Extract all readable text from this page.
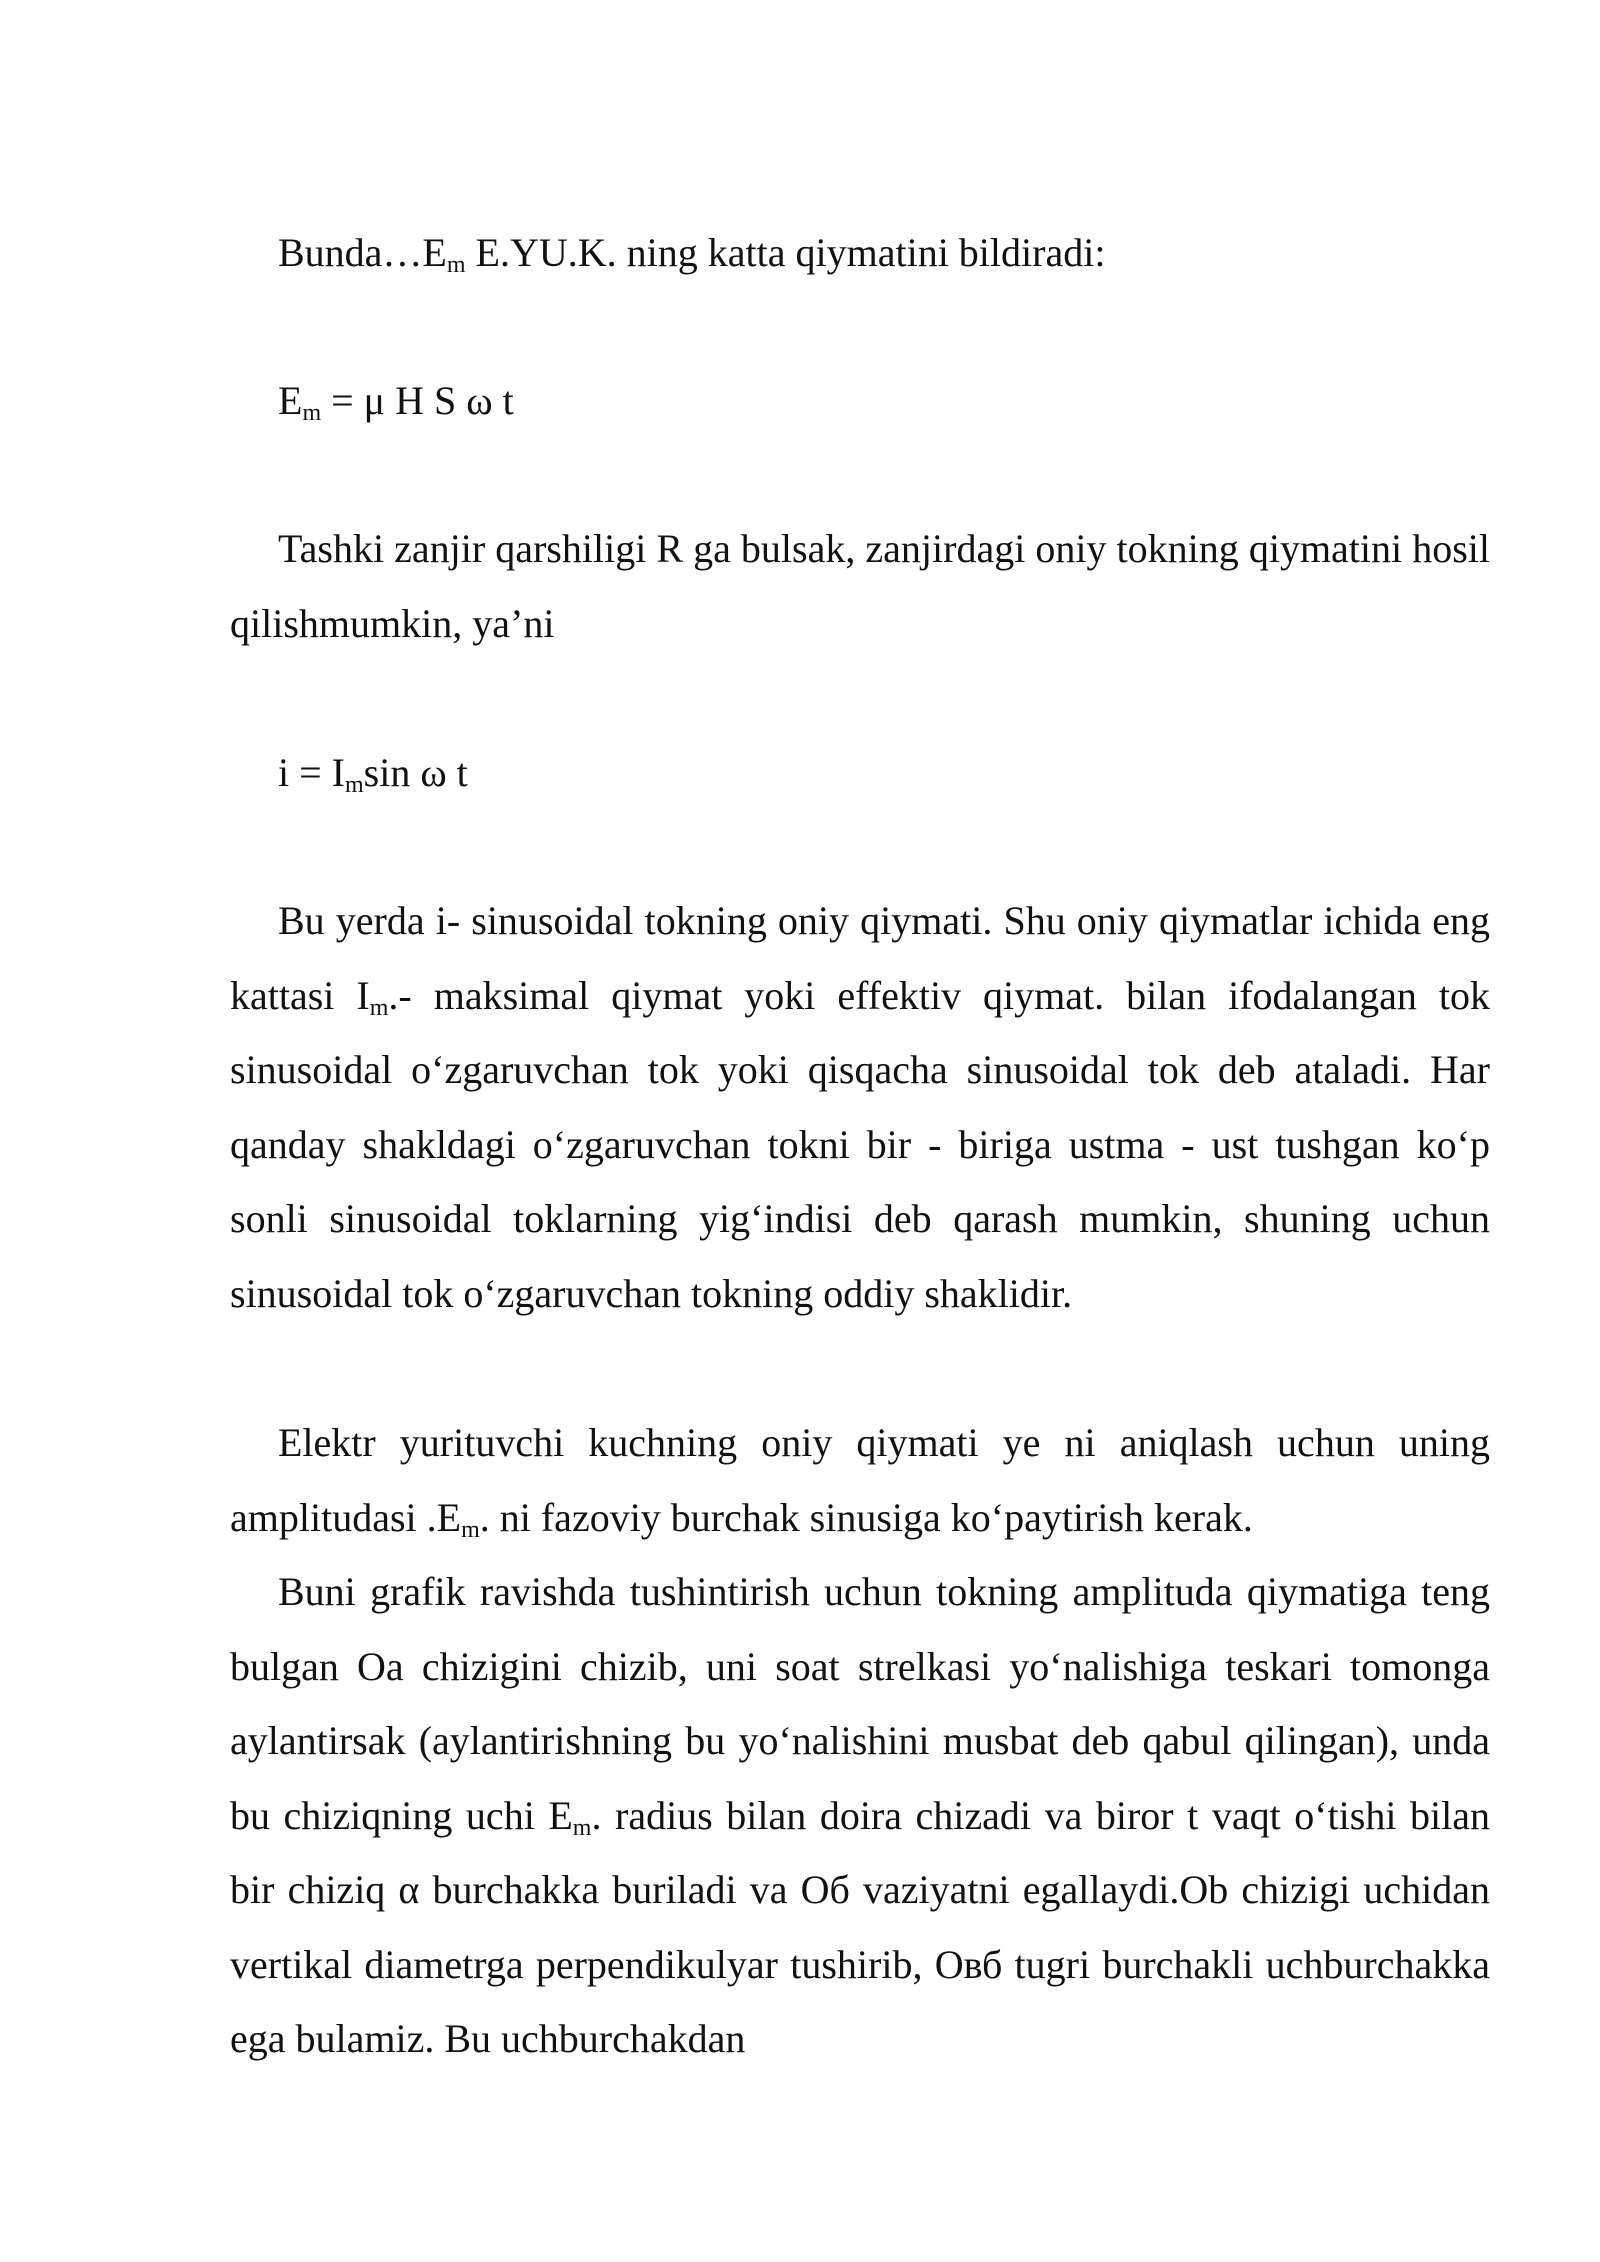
$Bunda\dots E_m$ E.YU.K. ning katta qiymatini bildiradi:
$E_m = \mu$ H S ω t

Tashki zanjir qarshiligi R ga bulsak, zanjirdagi oniy tokning qiymatini hosil qilishmumkin, ya’ni

$i = I_m\sin$ ω t

Bu yerda i- sinusoidal tokning oniy qiymati. Shu oniy qiymatlar ichida eng kattasi $I_m.-$ maksimal qiymat yoki effektiv qiymat. bilan ifodalangan tok sinusoidal o‘zgaruvchan tok yoki qisqacha sinusoidal tok deb ataladi. Har qanday shakldagi o‘zgaruvchan tokni bir - biriga ustma - ust tushgan ko‘p sonli sinusoidal toklarning yig‘indisi deb qarash mumkin, shuning uchun sinusoidal tok o‘zgaruvchan tokning oddiy shaklidir.

Elektr yurituvchi kuchning oniy qiymati ye ni aniqlash uchun uning amplitudasi $.E_m$. ni fazoviy burchak sinusiga ko‘paytirish kerak.

Buni grafik ravishda tushintirish uchun tokning amplituda qiymatiga teng bulgan Oa chizigini chizib, uni soat strelkasi yo‘nalishiga teskari tomonga aylantirsak (aylantirishning bu yo‘nalishini musbat deb qabul qilingan), unda bu chiziqning uchi $E_m$. radius bilan doira chizadi va biror t vaqt o‘tishi bilan bir chiziq α burchakka buriladi va Об vaziyatni egallaydi.Ob chizigi uchidan vertikal diametrga perpendikulyar tushirib, Овб tugri burchakli uchburchakka ega bulamiz. Bu uchburchakdan
